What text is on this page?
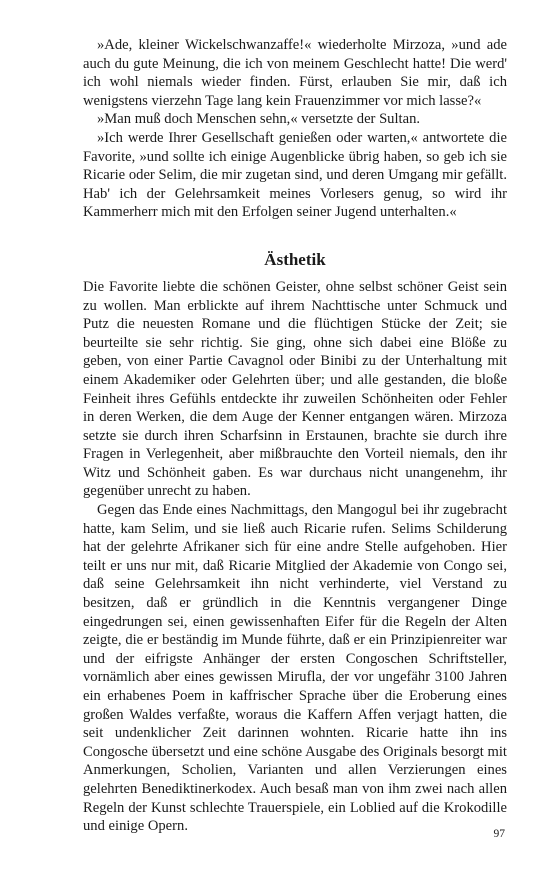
»Ade, kleiner Wickelschwanzaffe!« wiederholte Mirzoza, »und ade auch du gute Meinung, die ich von meinem Geschlecht hatte! Die werd' ich wohl niemals wieder finden. Fürst, erlauben Sie mir, daß ich wenigstens vierzehn Tage lang kein Frauenzimmer vor mich lasse?«

»Man muß doch Menschen sehn,« versetzte der Sultan.

»Ich werde Ihrer Gesellschaft genießen oder warten,« antwortete die Favorite, »und sollte ich einige Augenblicke übrig haben, so geb ich sie Ricarie oder Selim, die mir zugetan sind, und deren Umgang mir gefällt. Hab' ich der Gelehrsamkeit meines Vorlesers genug, so wird ihr Kammerherr mich mit den Erfolgen seiner Jugend unterhalten.«

Ästhetik

Die Favorite liebte die schönen Geister, ohne selbst schöner Geist sein zu wollen. Man erblickte auf ihrem Nachttische unter Schmuck und Putz die neuesten Romane und die flüchtigen Stücke der Zeit; sie beurteilte sie sehr richtig. Sie ging, ohne sich dabei eine Blöße zu geben, von einer Partie Cavagnol oder Binibi zu der Unterhaltung mit einem Akademiker oder Gelehrten über; und alle gestanden, die bloße Feinheit ihres Gefühls entdeckte ihr zuweilen Schönheiten oder Fehler in deren Werken, die dem Auge der Kenner entgangen wären. Mirzoza setzte sie durch ihren Scharfsinn in Erstaunen, brachte sie durch ihre Fragen in Verlegenheit, aber mißbrauchte den Vorteil niemals, den ihr Witz und Schönheit gaben. Es war durchaus nicht unangenehm, ihr gegenüber unrecht zu haben.

Gegen das Ende eines Nachmittags, den Mangogul bei ihr zugebracht hatte, kam Selim, und sie ließ auch Ricarie rufen. Selims Schilderung hat der gelehrte Afrikaner sich für eine andre Stelle aufgehoben. Hier teilt er uns nur mit, daß Ricarie Mitglied der Akademie von Congo sei, daß seine Gelehrsamkeit ihn nicht verhinderte, viel Verstand zu besitzen, daß er gründlich in die Kenntnis vergangener Dinge eingedrungen sei, einen gewissenhaften Eifer für die Regeln der Alten zeigte, die er beständig im Munde führte, daß er ein Prinzipienreiter war und der eifrigste Anhänger der ersten Congoschen Schriftsteller, vornämlich aber eines gewissen Mirufla, der vor ungefähr 3100 Jahren ein erhabenes Poem in kaffrischer Sprache über die Eroberung eines großen Waldes verfaßte, woraus die Kaffern Affen verjagt hatten, die seit undenklicher Zeit darinnen wohnten. Ricarie hatte ihn ins Congosche übersetzt und eine schöne Ausgabe des Originals besorgt mit Anmerkungen, Scholien, Varianten und allen Verzierungen eines gelehrten Benediktinerkodex. Auch besaß man von ihm zwei nach allen Regeln der Kunst schlechte Trauerspiele, ein Loblied auf die Krokodille und einige Opern.	97
